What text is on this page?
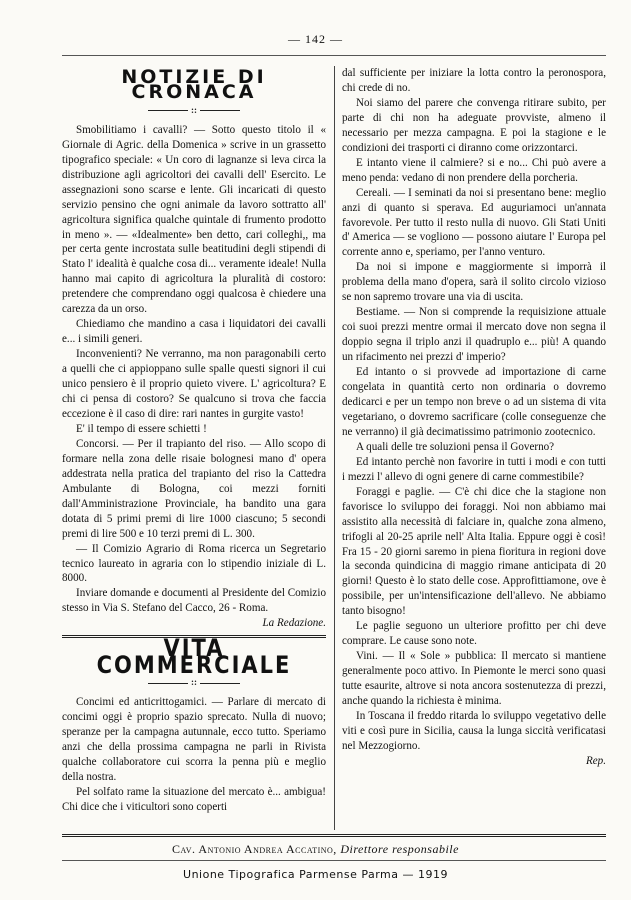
— 142 —
NOTIZIE DI CRONACA
::

Smobilitiamo i cavalli? — Sotto questo titolo il « Giornale di Agric. della Domenica » scrive in un grassetto tipografico speciale: « Un coro di lagnanze si leva circa la distribuzione agli agricoltori dei cavalli dell' Esercito. Le assegnazioni sono scarse e lente. Gli incaricati di questo servizio pensino che ogni animale da lavoro sottratto all' agricoltura significa qualche quintale di frumento prodotto in meno ». — «Idealmente» ben detto, cari colleghi,, ma per certa gente incrostata sulle beatitudini degli stipendi di Stato l' idealità è qualche cosa di... veramente ideale! Nulla hanno mai capito di agricoltura la pluralità di costoro: pretendere che comprendano oggi qualcosa è chiedere una carezza da un orso.

Chiediamo che mandino a casa i liquidatori dei cavalli e... i simili generi.

Inconvenienti? Ne verranno, ma non paragonabili certo a quelli che ci appioppano sulle spalle questi signori il cui unico pensiero è il proprio quieto vivere. L' agricoltura? E chi ci pensa di costoro? Se qualcuno si trova che faccia eccezione è il caso di dire: rari nantes in gurgite vasto!

E' il tempo di essere schietti !

Concorsi. — Per il trapianto del riso. — Allo scopo di formare nella zona delle risaie bolognesi mano d' opera addestrata nella pratica del trapianto del riso la Cattedra Ambulante di Bologna, coi mezzi forniti dall'Amministrazione Provinciale, ha bandito una gara dotata di 5 primi premi di lire 1000 ciascuno; 5 secondi premi di lire 500 e 10 terzi premi di L. 300.

— Il Comizio Agrario di Roma ricerca un Segretario tecnico laureato in agraria con lo stipendio iniziale di L. 8000.

Inviare domande e documenti al Presidente del Comizio stesso in Via S. Stefano del Cacco, 26 - Roma.

La Redazione.
VITA COMMERCIALE
::

Concimi ed anticrittogamici. — Parlare di mercato di concimi oggi è proprio spazio sprecato. Nulla di nuovo; speranze per la campagna autunnale, ecco tutto. Speriamo anzi che della prossima campagna ne parli in Rivista qualche collaboratore cui scorra la penna più e meglio della nostra.

Pel solfato rame la situazione del mercato è... ambigua! Chi dice che i viticultori sono coperti

dal sufficiente per iniziare la lotta contro la peronospora, chi crede di no.

Noi siamo del parere che convenga ritirare subito, per parte di chi non ha adeguate provviste, almeno il necessario per mezza campagna. E poi la stagione e le condizioni dei trasporti ci diranno come orizzontarci.

E intanto viene il calmiere? si e no... Chi può avere a meno penda: vedano di non prendere della porcheria.

Cereali. — I seminati da noi si presentano bene: meglio anzi di quanto si sperava. Ed auguriamoci un'annata favorevole. Per tutto il resto nulla di nuovo. Gli Stati Uniti d' America — se vogliono — possono aiutare l' Europa pel corrente anno e, speriamo, per l'anno venturo.

Da noi si impone e maggiormente si imporrà il problema della mano d'opera, sarà il solito circolo vizioso se non sapremo trovare una via di uscita.

Bestiame. — Non si comprende la requisizione attuale coi suoi prezzi mentre ormai il mercato dove non segna il doppio segna il triplo anzi il quadruplo e... più! A quando un rifacimento nei prezzi d' imperio?

Ed intanto o si provvede ad importazione di carne congelata in quantità certo non ordinaria o dovremo dedicarci e per un tempo non breve o ad un sistema di vita vegetariano, o dovremo sacrificare (colle conseguenze che ne verranno) il già decimatissimo patrimonio zootecnico.

A quali delle tre soluzioni pensa il Governo?

Ed intanto perchè non favorire in tutti i modi e con tutti i mezzi l' allevo di ogni genere di carne commestibile?

Foraggi e paglie. — C'è chi dice che la stagione non favorisce lo sviluppo dei foraggi. Noi non abbiamo mai assistito alla necessità di falciare in, qualche zona almeno, trifogli al 20-25 aprile nell' Alta Italia. Eppure oggi è così! Fra 15 - 20 giorni saremo in piena fioritura in regioni dove la seconda quindicina di maggio rimane anticipata di 20 giorni! Questo è lo stato delle cose. Approfittiamone, ove è possibile, per un'intensificazione dell'allevo. Ne abbiamo tanto bisogno!

Le paglie seguono un ulteriore profitto per chi deve comprare. Le cause sono note.

Vini. — Il « Sole » pubblica: Il mercato si mantiene generalmente poco attivo. In Piemonte le merci sono quasi tutte esaurite, altrove si nota ancora sostenutezza di prezzi, anche quando la richiesta è minima.

In Toscana il freddo ritarda lo sviluppo vegetativo delle viti e così pure in Sicilia, causa la lunga siccità verificatasi nel Mezzogiorno.

Rep.
Cav. Antonio Andrea Accatino, Direttore responsabile
Unione Tipografica Parmense Parma — 1919
